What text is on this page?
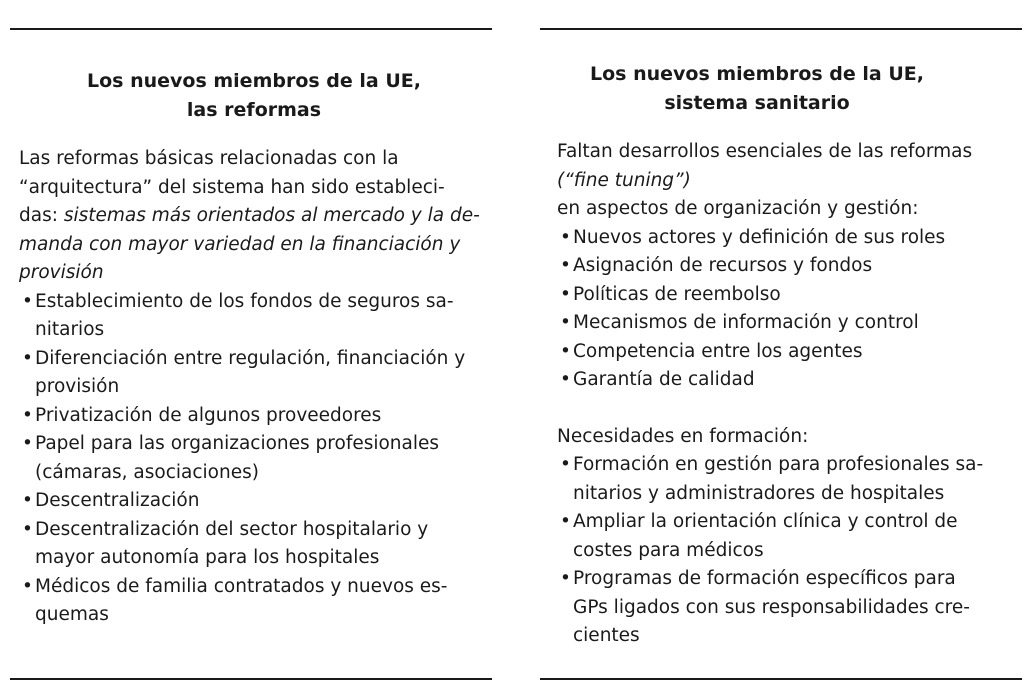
Los nuevos miembros de la UE,
las reformas
Las reformas básicas relacionadas con la
“arquitectura” del sistema han sido estableci-
das: sistemas más orientados al mercado y la de-
manda con mayor variedad en la financiación y
provisión
• Establecimiento de los fondos de seguros sa-
nitarios
• Diferenciación entre regulación, financiación y
provisión
• Privatización de algunos proveedores
• Papel para las organizaciones profesionales
(cámaras, asociaciones)
• Descentralización
• Descentralización del sector hospitalario y
mayor autonomía para los hospitales
• Médicos de familia contratados y nuevos es-
quemas
Los nuevos miembros de la UE,
sistema sanitario
Faltan desarrollos esenciales de las reformas
(“fine tuning”)
en aspectos de organización y gestión:
• Nuevos actores y definición de sus roles
• Asignación de recursos y fondos
• Políticas de reembolso
• Mecanismos de información y control
• Competencia entre los agentes
• Garantía de calidad
Necesidades en formación:
• Formación en gestión para profesionales sa-
nitarios y administradores de hospitales
• Ampliar la orientación clínica y control de
costes para médicos
• Programas de formación específicos para
GPs ligados con sus responsabilidades cre-
cientes
